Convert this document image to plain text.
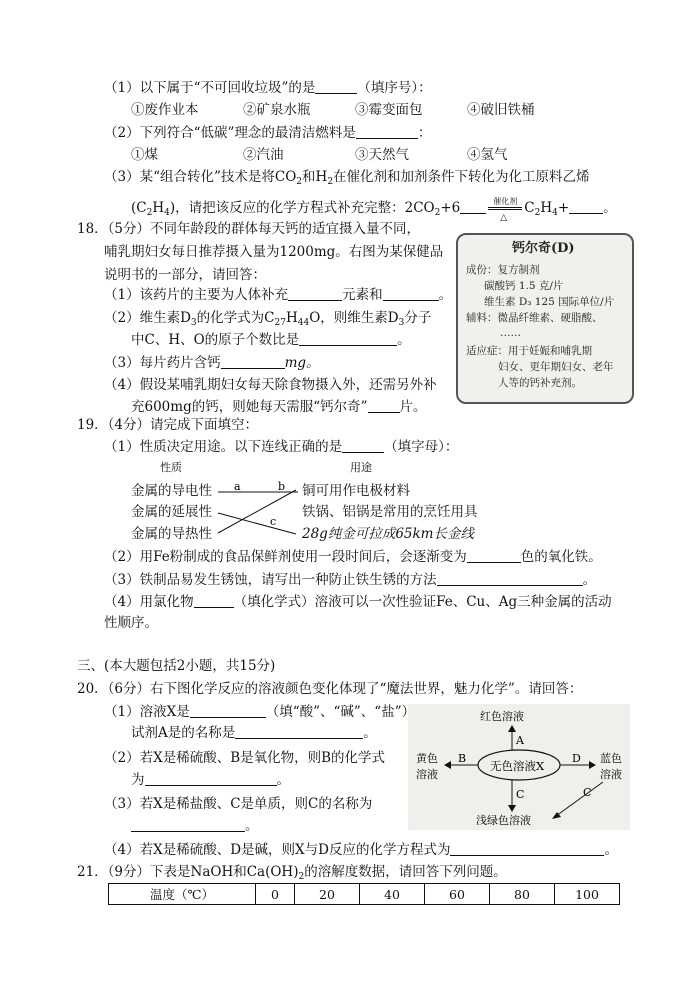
（1）以下属于“不可回收垃圾”的是	（填序号）：
①废作业本	②矿泉水瓶	③霉变面包	④破旧铁桶
（2）下列符合“低碳”理念的最清洁燃料是	：
①煤	②汽油	③天然气	④氢气
（3）某“组合转化”技术是将$CO_2$和$H_2$在催化剂和加剂条件下转化为化工原料乙烯
$(C_2H_4)$，请把该反应的化学方程式补充完整：$2CO_2+6$	催化剂
△
$C_2H_4+$	。
18．（5分）不同年龄段的群体每天钙的适宜摄入量不同，
哺乳期妇女每日推荐摄入量为1200mg。右图为某保健品
说明书的一部分，请回答：
（1）该药片的主要为人体补充	元素和	。
（2）维生素$D_3$的化学式为$C_{27}H_{44}O$，则维生素$D_3$分子
中C、H、O的原子个数比是	。
（3）每片药片含钙	mg。
（4）假设某哺乳期妇女每天除食物摄入外，还需另外补
充600mg的钙，则她每天需服“钙尔奇” 片。
钙尔奇(D)
成份：复方制剂
碳酸钙 1.5 克/片
维生素 D₃ 125 国际单位/片
辅料：微晶纤维素、硬脂酸、
……
适应症：用于妊娠和哺乳期
妇女、更年期妇女、老年
人等的钙补充剂。
19．（4分）请完成下面填空：
（1）性质决定用途。以下连线正确的是	（填字母）：
性质	用途
金属的导电性
金属的延展性
金属的导热性
铜可用作电极材料
铁锅、铝锅是常用的烹饪用具
28g纯金可拉成65km长金线
a	b
c
（2）用Fe粉制成的食品保鲜剂使用一段时间后，会逐渐变为	色的氧化铁。
（3）铁制品易发生锈蚀，请写出一种防止铁生锈的方法	。
（4）用氯化物	（填化学式）溶液可以一次性验证Fe、Cu、Ag三种金属的活动
性顺序。
三、(本大题包括2小题，共15分)
20．（6分）右下图化学反应的溶液颜色变化体现了“魔法世界，魅力化学”。请回答：
（1）溶液X是	（填“酸”、“碱”、“盐”），
试剂A是的名称是	。
（2）若X是稀硫酸、B是氧化物，则B的化学式
为	。
（3）若X是稀盐酸、C是单质，则C的名称为
。
（4）若X是稀硫酸、D是碱，则X与D反应的化学方程式为	。
无色溶液X
红色溶液
A
黄色
溶液
B	蓝色
溶液
D
C	C
浅绿色溶液
21．（9分）下表是NaOH和$Ca(OH)_2$的溶解度数据，请回答下列问题。
温度（℃）	0	20	40	60	80	100
